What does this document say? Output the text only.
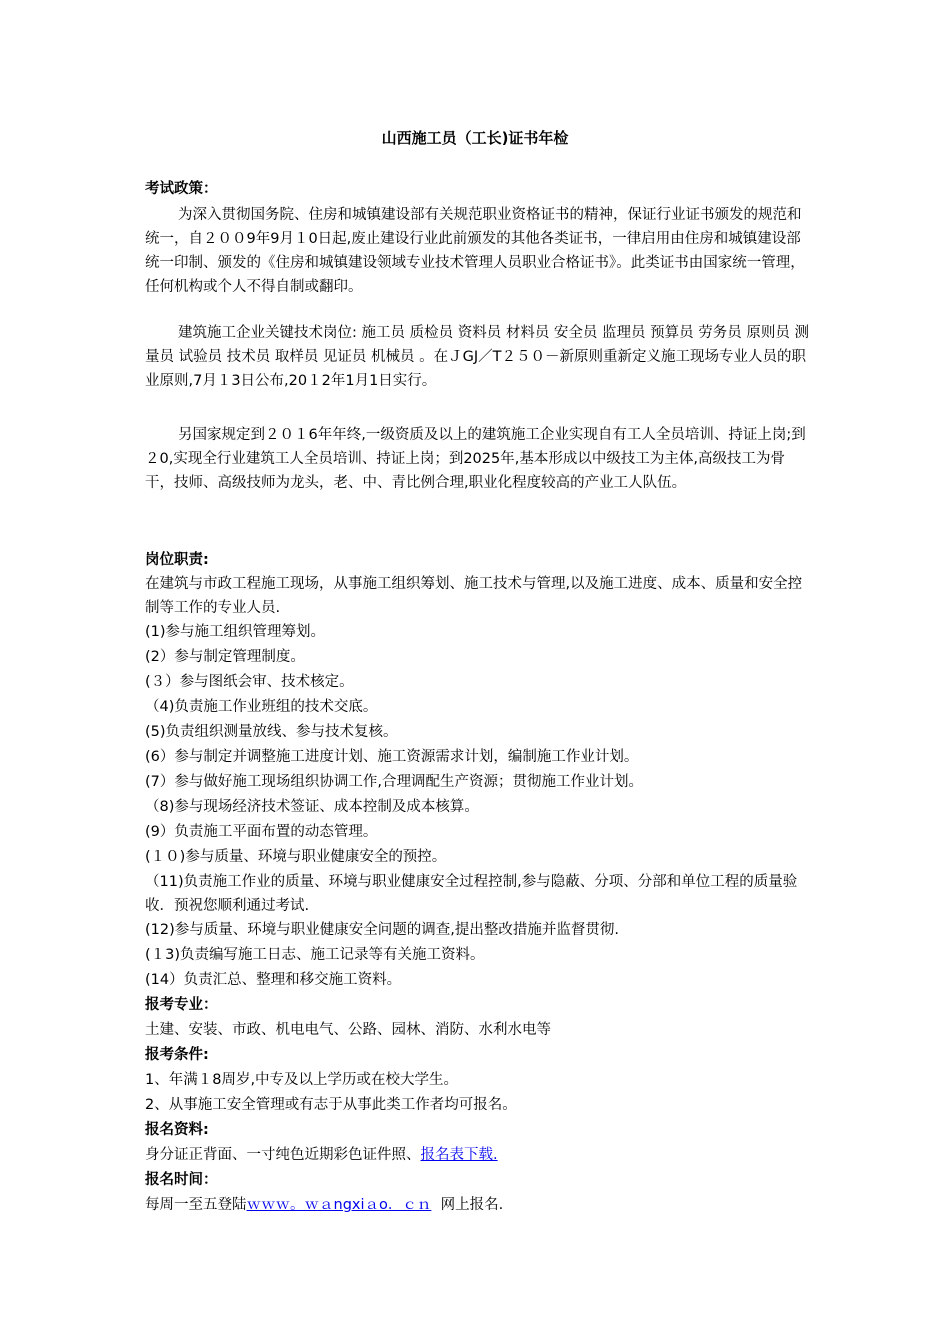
山西施工员（工长)证书年检
考试政策：

为深入贯彻国务院、住房和城镇建设部有关规范职业资格证书的精神，保证行业证书颁发的规范和统一，自２００9年9月１0日起,废止建设行业此前颁发的其他各类证书，一律启用由住房和城镇建设部统一印制、颁发的《住房和城镇建设领域专业技术管理人员职业合格证书》。此类证书由国家统一管理，任何机构或个人不得自制或翻印。

建筑施工企业关键技术岗位: 施工员 质检员 资料员 材料员 安全员 监理员 预算员 劳务员 原则员 测量员 试验员 技术员 取样员 见证员 机械员 。在ＪGJ／T２５０－新原则重新定义施工现场专业人员的职业原则,7月１3日公布,20１2年1月1日实行。

另国家规定到２０１6年年终,一级资质及以上的建筑施工企业实现自有工人全员培训、持证上岗;到２0,实现全行业建筑工人全员培训、持证上岗；到2025年,基本形成以中级技工为主体,高级技工为骨干，技师、高级技师为龙头，老、中、青比例合理,职业化程度较高的产业工人队伍。

岗位职责:
在建筑与市政工程施工现场，从事施工组织筹划、施工技术与管理,以及施工进度、成本、质量和安全控制等工作的专业人员.
(1)参与施工组织管理筹划。
(2）参与制定管理制度。
(３）参与图纸会审、技术核定。
（4)负责施工作业班组的技术交底。
(5)负责组织测量放线、参与技术复核。
(6）参与制定并调整施工进度计划、施工资源需求计划，编制施工作业计划。
(7）参与做好施工现场组织协调工作,合理调配生产资源；贯彻施工作业计划。
（8)参与现场经济技术签证、成本控制及成本核算。
(9）负责施工平面布置的动态管理。
(１０)参与质量、环境与职业健康安全的预控。
（11)负责施工作业的质量、环境与职业健康安全过程控制,参与隐蔽、分项、分部和单位工程的质量验收．预祝您顺利通过考试.
(12)参与质量、环境与职业健康安全问题的调查,提出整改措施并监督贯彻.
(１3)负责编写施工日志、施工记录等有关施工资料。
(14）负责汇总、整理和移交施工资料。
报考专业：
土建、安装、市政、机电电气、公路、园林、消防、水利水电等
报考条件:
1、年满１8周岁,中专及以上学历或在校大学生。
2、从事施工安全管理或有志于从事此类工作者均可报名。
报名资料:
身分证正背面、一寸纯色近期彩色证件照、报名表下载.
报名时间：
每周一至五登陆ｗｗｗ。ｗａngxiａo．ｃｎ  网上报名.
